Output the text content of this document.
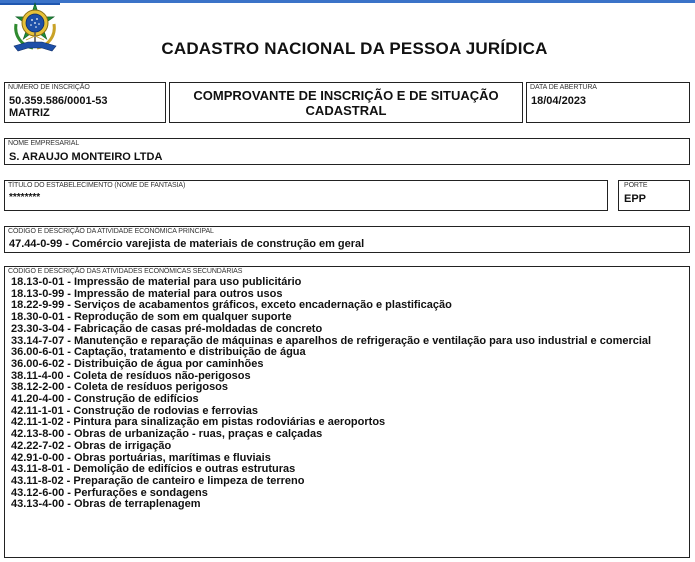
CADASTRO NACIONAL DA PESSOA JURÍDICA
NÚMERO DE INSCRIÇÃO
50.359.586/0001-53
MATRIZ
COMPROVANTE DE INSCRIÇÃO E DE SITUAÇÃO
CADASTRAL
DATA DE ABERTURA
18/04/2023
NOME EMPRESARIAL
S. ARAUJO MONTEIRO LTDA
TÍTULO DO ESTABELECIMENTO (NOME DE FANTASIA)
********
PORTE
EPP
CÓDIGO E DESCRIÇÃO DA ATIVIDADE ECONÔMICA PRINCIPAL
47.44-0-99 - Comércio varejista de materiais de construção em geral
CÓDIGO E DESCRIÇÃO DAS ATIVIDADES ECONÔMICAS SECUNDÁRIAS
18.13-0-01 - Impressão de material para uso publicitário
18.13-0-99 - Impressão de material para outros usos
18.22-9-99 - Serviços de acabamentos gráficos, exceto encadernação e plastificação
18.30-0-01 - Reprodução de som em qualquer suporte
23.30-3-04 - Fabricação de casas pré-moldadas de concreto
33.14-7-07 - Manutenção e reparação de máquinas e aparelhos de refrigeração e ventilação para uso industrial e comercial
36.00-6-01 - Captação, tratamento e distribuição de água
36.00-6-02 - Distribuição de água por caminhões
38.11-4-00 - Coleta de resíduos não-perigosos
38.12-2-00 - Coleta de resíduos perigosos
41.20-4-00 - Construção de edifícios
42.11-1-01 - Construção de rodovias e ferrovias
42.11-1-02 - Pintura para sinalização em pistas rodoviárias e aeroportos
42.13-8-00 - Obras de urbanização - ruas, praças e calçadas
42.22-7-02 - Obras de irrigação
42.91-0-00 - Obras portuárias, marítimas e fluviais
43.11-8-01 - Demolição de edifícios e outras estruturas
43.11-8-02 - Preparação de canteiro e limpeza de terreno
43.12-6-00 - Perfurações e sondagens
43.13-4-00 - Obras de terraplenagem
